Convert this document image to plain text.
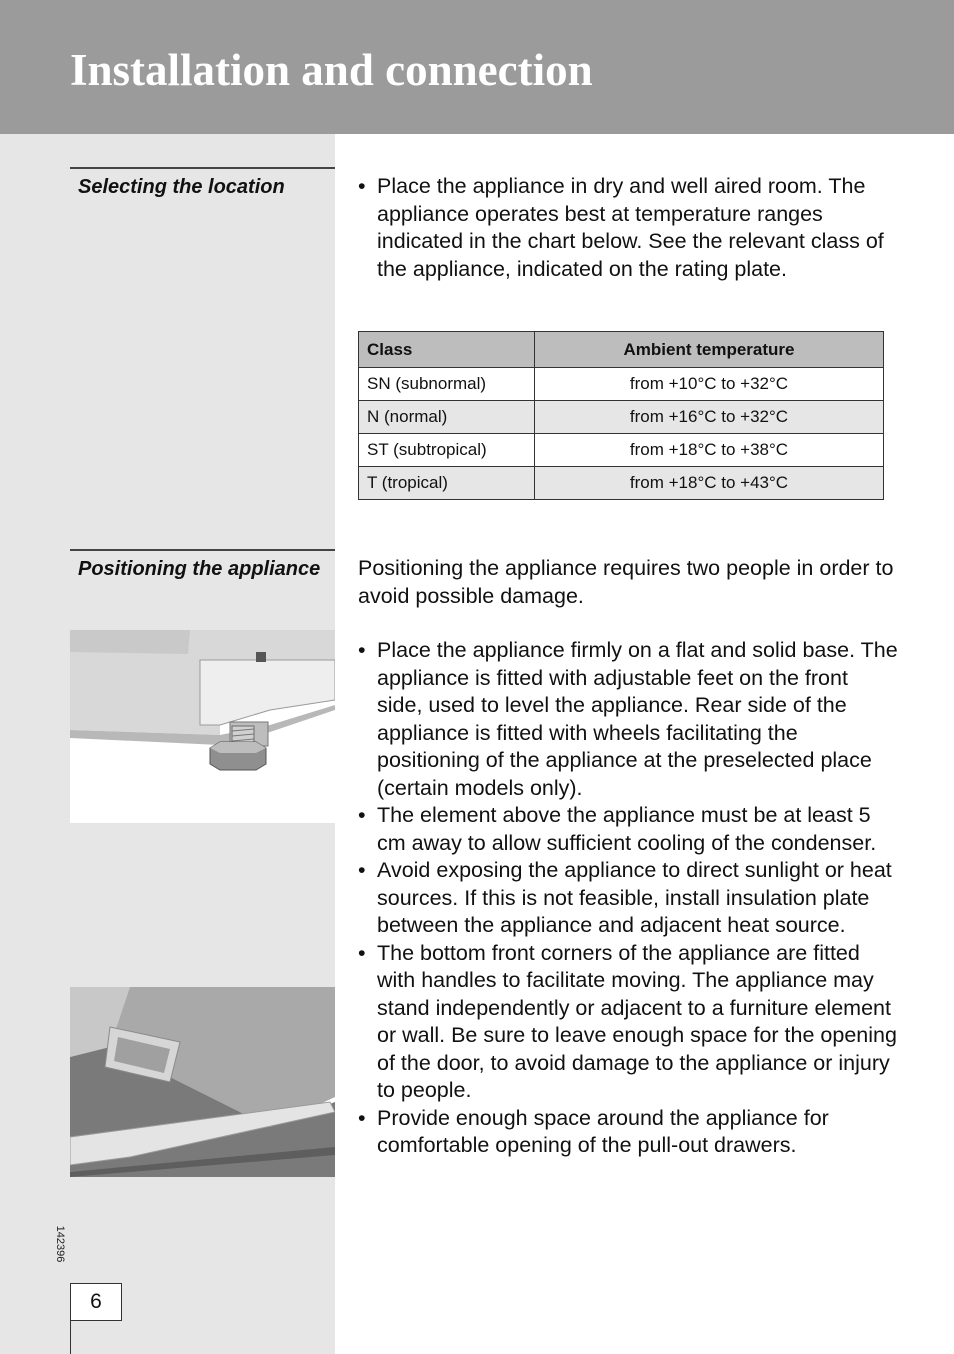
Installation and connection
Selecting the location	• Place the appliance in dry and well aired room. The appliance operates best at temperature ranges indicated in the chart below. See the relevant class of the appliance, indicated on the rating plate.
Class	Ambient temperature
SN (subnormal)	from +10°C to +32°C
N (normal)	from +16°C to +32°C
ST (subtropical)	from +18°C to +38°C
T (tropical)	from +18°C to +43°C
Positioning the appliance	Positioning the appliance requires two people in order to avoid possible damage.

• Place the appliance firmly on a flat and solid base. The appliance is fitted with adjustable feet on the front side, used to level the appliance. Rear side of the appliance is fitted with wheels facilitating the positioning of the appliance at the preselected place (certain models only).
• The element above the appliance must be at least 5 cm away to allow sufficient cooling of the condenser.
• Avoid exposing the appliance to direct sunlight or heat sources. If this is not feasible, install insulation plate between the appliance and adjacent heat source.
• The bottom front corners of the appliance are fitted with handles to facilitate moving. The appliance may stand independently or adjacent to a furniture element or wall. Be sure to leave enough space for the opening of the door, to avoid damage to the appliance or injury to people.
• Provide enough space around the appliance for comfortable opening of the pull-out drawers.
142396
6
